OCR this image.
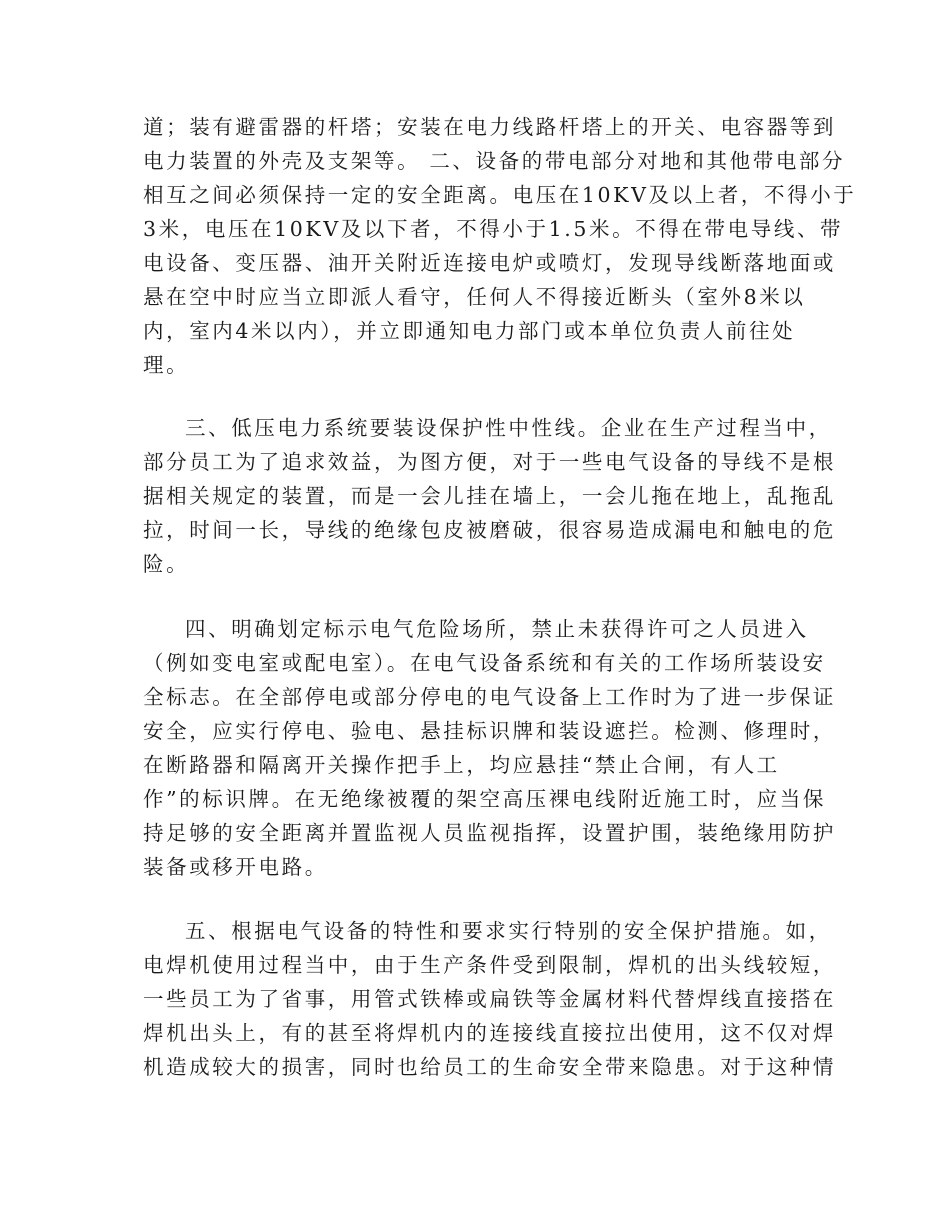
道；装有避雷器的杆塔；安装在电力线路杆塔上的开关、电容器等到
电力装置的外壳及支架等。 二、设备的带电部分对地和其他带电部分
相互之间必须保持一定的安全距离。电压在10KV及以上者，不得小于
3米，电压在10KV及以下者，不得小于1.5米。不得在带电导线、带
电设备、变压器、油开关附近连接电炉或喷灯，发现导线断落地面或
悬在空中时应当立即派人看守，任何人不得接近断头（室外8米以
内，室内4米以内），并立即通知电力部门或本单位负责人前往处
理。
三、低压电力系统要装设保护性中性线。企业在生产过程当中，
部分员工为了追求效益，为图方便，对于一些电气设备的导线不是根
据相关规定的装置，而是一会儿挂在墙上，一会儿拖在地上，乱拖乱
拉，时间一长，导线的绝缘包皮被磨破，很容易造成漏电和触电的危
险。
四、明确划定标示电气危险场所，禁止未获得许可之人员进入
（例如变电室或配电室）。在电气设备系统和有关的工作场所装设安
全标志。在全部停电或部分停电的电气设备上工作时为了进一步保证
安全，应实行停电、验电、悬挂标识牌和装设遮拦。检测、修理时，
在断路器和隔离开关操作把手上，均应悬挂“禁止合闸，有人工
作”的标识牌。在无绝缘被覆的架空高压裸电线附近施工时，应当保
持足够的安全距离并置监视人员监视指挥，设置护围，装绝缘用防护
装备或移开电路。
五、根据电气设备的特性和要求实行特别的安全保护措施。如，
电焊机使用过程当中，由于生产条件受到限制，焊机的出头线较短，
一些员工为了省事，用管式铁棒或扁铁等金属材料代替焊线直接搭在
焊机出头上，有的甚至将焊机内的连接线直接拉出使用，这不仅对焊
机造成较大的损害，同时也给员工的生命安全带来隐患。对于这种情
